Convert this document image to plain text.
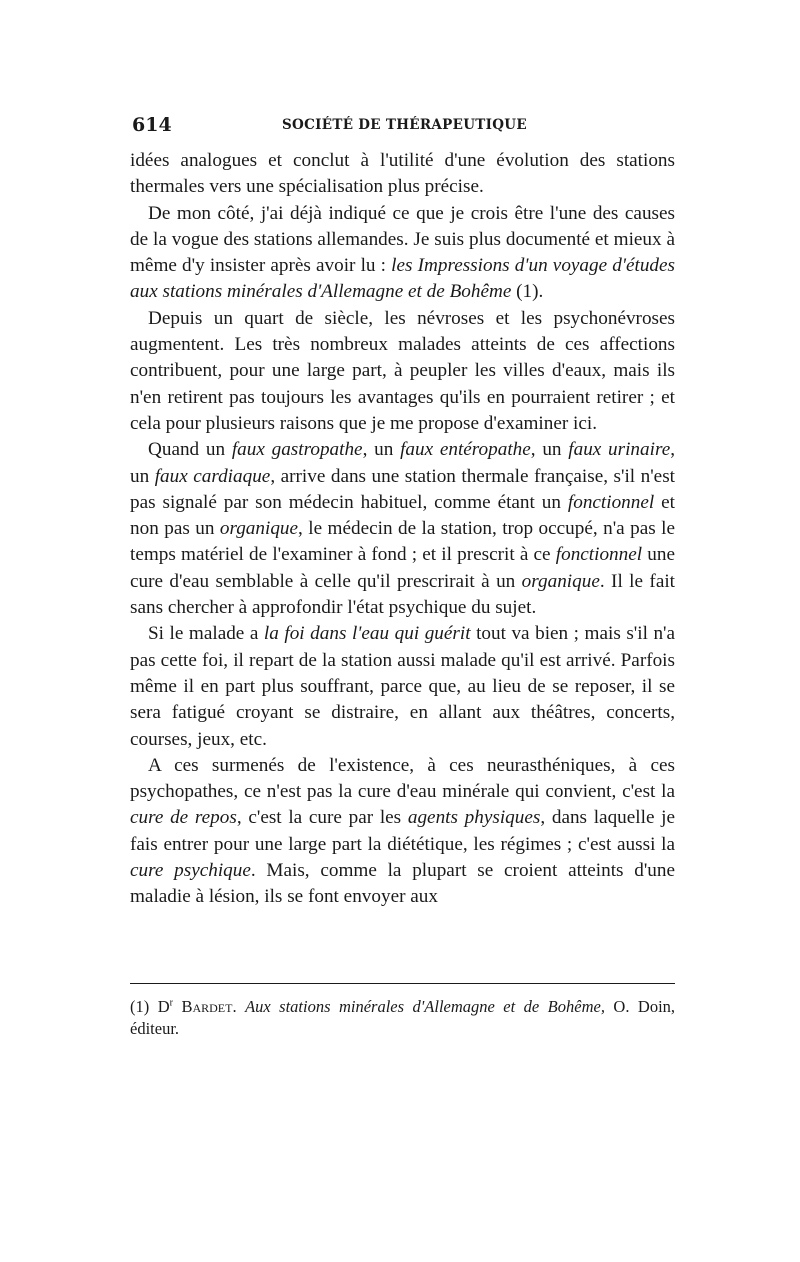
614	SOCIÉTÉ DE THÉRAPEUTIQUE

idées analogues et conclut à l'utilité d'une évolution des stations thermales vers une spécialisation plus précise.

De mon côté, j'ai déjà indiqué ce que je crois être l'une des causes de la vogue des stations allemandes. Je suis plus documenté et mieux à même d'y insister après avoir lu : les Impressions d'un voyage d'études aux stations minérales d'Allemagne et de Bohême (1).

Depuis un quart de siècle, les névroses et les psychonévroses augmentent. Les très nombreux malades atteints de ces affections contribuent, pour une large part, à peupler les villes d'eaux, mais ils n'en retirent pas toujours les avantages qu'ils en pourraient retirer ; et cela pour plusieurs raisons que je me propose d'examiner ici.

Quand un faux gastropathe, un faux entéropathe, un faux urinaire, un faux cardiaque, arrive dans une station thermale française, s'il n'est pas signalé par son médecin habituel, comme étant un fonctionnel et non pas un organique, le médecin de la station, trop occupé, n'a pas le temps matériel de l'examiner à fond ; et il prescrit à ce fonctionnel une cure d'eau semblable à celle qu'il prescrirait à un organique. Il le fait sans chercher à approfondir l'état psychique du sujet.

Si le malade a la foi dans l'eau qui guérit tout va bien ; mais s'il n'a pas cette foi, il repart de la station aussi malade qu'il est arrivé. Parfois même il en part plus souffrant, parce que, au lieu de se reposer, il se sera fatigué croyant se distraire, en allant aux théâtres, concerts, courses, jeux, etc.

A ces surmenés de l'existence, à ces neurasthéniques, à ces psychopathes, ce n'est pas la cure d'eau minérale qui convient, c'est la cure de repos, c'est la cure par les agents physiques, dans laquelle je fais entrer pour une large part la diététique, les régimes ; c'est aussi la cure psychique. Mais, comme la plupart se croient atteints d'une maladie à lésion, ils se font envoyer aux

(1) $D^r$ Bardet. Aux stations minérales d'Allemagne et de Bohême, O. Doin, éditeur.
